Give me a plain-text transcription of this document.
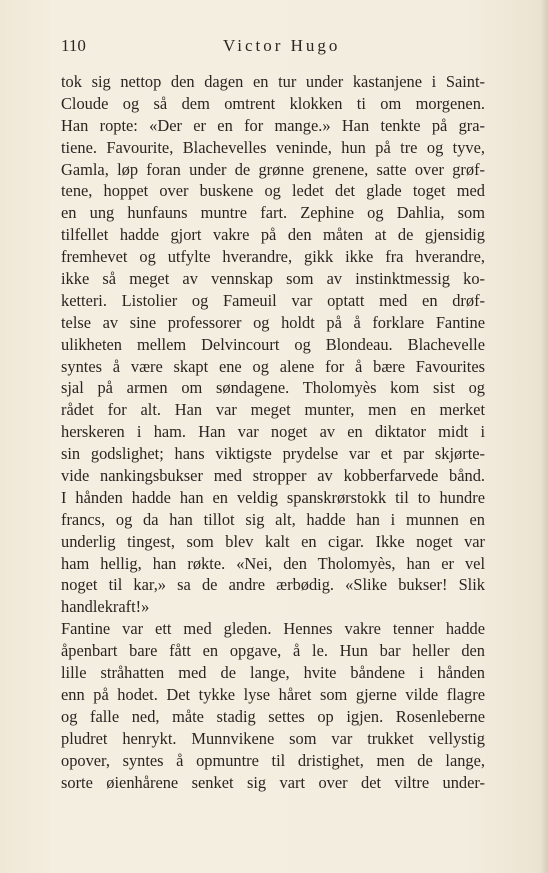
110	Victor Hugo
tok sig nettop den dagen en tur under kastanjene i Saint-
Cloude og så dem omtrent klokken ti om morgenen.
Han ropte: «Der er en for mange.» Han tenkte på gra-
tiene. Favourite, Blachevelles veninde, hun på tre og tyve,
Gamla, løp foran under de grønne grenene, satte over grøf-
tene, hoppet over buskene og ledet det glade toget med
en ung hunfauns muntre fart. Zephine og Dahlia, som
tilfellet hadde gjort vakre på den måten at de gjensidig
fremhevet og utfylte hverandre, gikk ikke fra hverandre,
ikke så meget av vennskap som av instinktmessig ko-
ketteri. Listolier og Fameuil var optatt med en drøf-
telse av sine professorer og holdt på å forklare Fantine
ulikheten mellem Delvincourt og Blondeau. Blachevelle
syntes å være skapt ene og alene for å bære Favourites
sjal på armen om søndagene. Tholomyès kom sist og
rådet for alt. Han var meget munter, men en merket
herskeren i ham. Han var noget av en diktator midt i
sin godslighet; hans viktigste prydelse var et par skjørte-
vide nankingsbukser med stropper av kobberfarvede bånd.
I hånden hadde han en veldig spanskrørstokk til to hundre
francs, og da han tillot sig alt, hadde han i munnen en
underlig tingest, som blev kalt en cigar. Ikke noget var
ham hellig, han røkte. «Nei, den Tholomyès, han er vel
noget til kar,» sa de andre ærbødig. «Slike bukser! Slik
handlekraft!»
Fantine var ett med gleden. Hennes vakre tenner hadde
åpenbart bare fått en opgave, å le. Hun bar heller den
lille stråhatten med de lange, hvite båndene i hånden
enn på hodet. Det tykke lyse håret som gjerne vilde flagre
og falle ned, måte stadig settes op igjen. Rosenleberne
pludret henrykt. Munnvikene som var trukket vellystig
opover, syntes å opmuntre til dristighet, men de lange,
sorte øienhårene senket sig vart over det viltre under-
